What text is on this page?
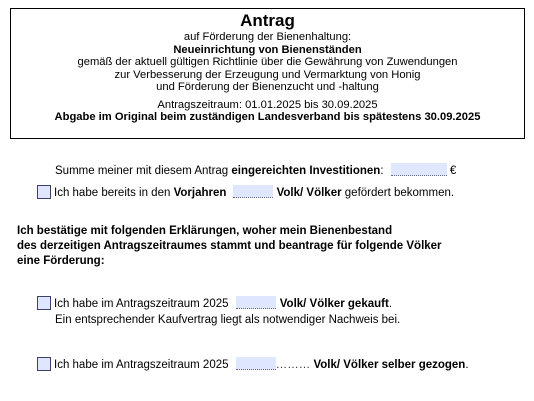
Antrag
auf Förderung der Bienenhaltung:
Neueinrichtung von Bienenständen
gemäß der aktuell gültigen Richtlinie über die Gewährung von Zuwendungen
zur Verbesserung der Erzeugung und Vermarktung von Honig
und Förderung der Bienenzucht und -haltung
Antragszeitraum: 01.01.2025 bis 30.09.2025
Abgabe im Original beim zuständigen Landesverband bis spätestens 30.09.2025
Summe meiner mit diesem Antrag eingereichten Investitionen:	€
Ich habe bereits in den Vorjahren	Volk/ Völker gefördert bekommen.
Ich bestätige mit folgenden Erklärungen, woher mein Bienenbestand
des derzeitigen Antragszeitraumes stammt und beantrage für folgende Völker
eine Förderung:
Ich habe im Antragszeitraum 2025	Volk/ Völker gekauft.
Ein entsprechender Kaufvertrag liegt als notwendiger Nachweis bei.
Ich habe im Antragszeitraum 2025	……… Volk/ Völker selber gezogen.
